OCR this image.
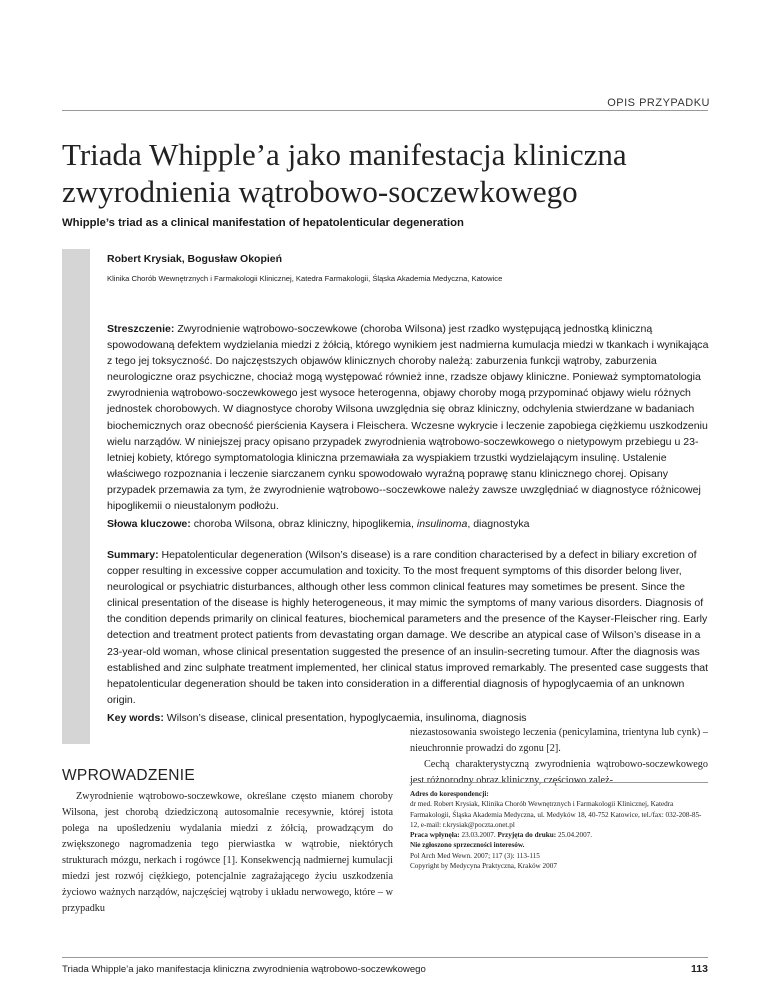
OPIS PRZYPADKU
Triada Whipple’a jako manifestacja kliniczna
zwyrodnienia wątrobowo-soczewkowego
Whipple’s triad as a clinical manifestation of hepatolenticular degeneration
Robert Krysiak, Bogusław Okopień
Klinika Chorób Wewnętrznych i Farmakologii Klinicznej, Katedra Farmakologii, Śląska Akademia Medyczna, Katowice
Streszczenie: Zwyrodnienie wątrobowo-soczewkowe (choroba Wilsona) jest rzadko występującą jednostką kliniczną spowodowaną defektem wydzielania miedzi z żółcią, którego wynikiem jest nadmierna kumulacja miedzi w tkankach i wynikająca z tego jej toksyczność. Do najczęstszych objawów klinicznych choroby należą: zaburzenia funkcji wątroby, zaburzenia neurologiczne oraz psychiczne, chociaż mogą występować również inne, rzadsze objawy kliniczne. Ponieważ symptomatologia zwyrodnienia wątrobowo-soczewkowego jest wysoce heterogenna, objawy choroby mogą przypominać objawy wielu różnych jednostek chorobowych. W diagnostyce choroby Wilsona uwzględnia się obraz kliniczny, odchylenia stwierdzane w badaniach biochemicznych oraz obecność pierścienia Kaysera i Fleischera. Wczesne wykrycie i leczenie zapobiega ciężkiemu uszkodzeniu wielu narządów. W niniejszej pracy opisano przypadek zwyrodnienia wątrobowo-soczewkowego o nietypowym przebiegu u 23-letniej kobiety, którego symptomatologia kliniczna przemawiała za wyspiakiem trzustki wydzielającym insulinę. Ustalenie właściwego rozpoznania i leczenie siarczanem cynku spowodowało wyraźną poprawę stanu klinicznego chorej. Opisany przypadek przemawia za tym, że zwyrodnienie wątrobowo--soczewkowe należy zawsze uwzględniać w diagnostyce różnicowej hipoglikemii o nieustalonym podłożu.
Słowa kluczowe: choroba Wilsona, obraz kliniczny, hipoglikemia, insulinoma, diagnostyka
Summary: Hepatolenticular degeneration (Wilson’s disease) is a rare condition characterised by a defect in biliary excretion of copper resulting in excessive copper accumulation and toxicity. To the most frequent symptoms of this disorder belong liver, neurological or psychiatric disturbances, although other less common clinical features may sometimes be present. Since the clinical presentation of the disease is highly heterogeneous, it may mimic the symptoms of many various disorders. Diagnosis of the condition depends primarily on clinical features, biochemical parameters and the presence of the Kayser-Fleischer ring. Early detection and treatment protect patients from devastating organ damage. We describe an atypical case of Wilson’s disease in a 23-year-old woman, whose clinical presentation suggested the presence of an insulin-secreting tumour. After the diagnosis was established and zinc sulphate treatment implemented, her clinical status improved remarkably. The presented case suggests that hepatolenticular degeneration should be taken into consideration in a differential diagnosis of hypoglycaemia of an unknown origin.
Key words: Wilson’s disease, clinical presentation, hypoglycaemia, insulinoma, diagnosis
WPROWADZENIE
Zwyrodnienie wątrobowo-soczewkowe, określane często mianem choroby Wilsona, jest chorobą dziedziczoną autosomalnie recesywnie, której istota polega na upośledzeniu wydalania miedzi z żółcią, prowadzącym do zwiększonego nagromadzenia tego pierwiastka w wątrobie, niektórych strukturach mózgu, nerkach i rogówce [1]. Konsekwencją nadmiernej kumulacji miedzi jest rozwój ciężkiego, potencjalnie zagrażającego życiu uszkodzenia życiowo ważnych narządów, najczęściej wątroby i układu nerwowego, które – w przypadku

niezastosowania swoistego leczenia (penicylamina, trientyna lub cynk) – nieuchronnie prowadzi do zgonu [2].

Cechą charakterystyczną zwyrodnienia wątrobowo-soczewkowego jest różnorodny obraz kliniczny, częściowo zależ-

Adres do korespondencji:
dr med. Robert Krysiak, Klinika Chorób Wewnętrznych i Farmakologii Klinicznej, Katedra Farmakologii, Śląska Akademia Medyczna, ul. Medyków 18, 40-752 Katowice, tel./fax: 032-208-85-12, e-mail: r.krysiak@poczta.onet.pl
Praca wpłynęła: 23.03.2007. Przyjęta do druku: 25.04.2007.
Nie zgłoszono sprzeczności interesów.
Pol Arch Med Wewn. 2007; 117 (3): 113-115
Copyright by Medycyna Praktyczna, Kraków 2007
Triada Whipple’a jako manifestacja kliniczna zwyrodnienia wątrobowo-soczewkowego	113
